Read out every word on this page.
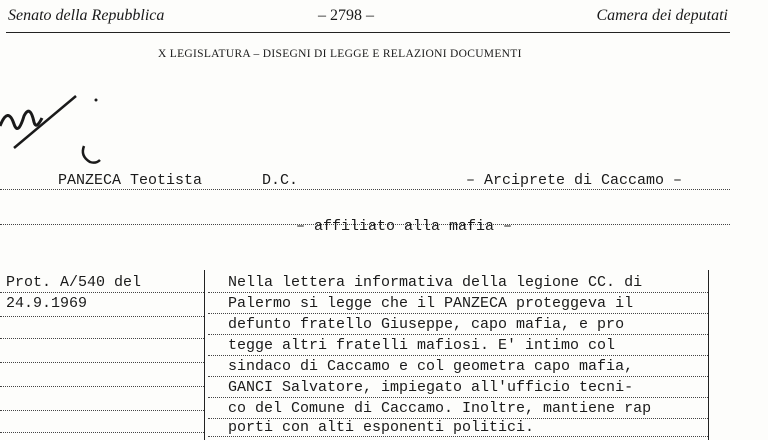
Senato della Repubblica	– 2798 –	Camera dei deputati
X LEGISLATURA – DISEGNI DI LEGGE E RELAZIONI DOCUMENTI
PANZECA Teotista	D.C.	– Arciprete di Caccamo –
– affiliato alla mafia –
Prot. A/540 del
24.9.1969
Nella lettera informativa della legione CC. di
Palermo si legge che il PANZECA proteggeva il
defunto fratello Giuseppe, capo mafia, e pro
tegge altri fratelli mafiosi. E' intimo col
sindaco di Caccamo e col geometra capo mafia,
GANCI Salvatore, impiegato all'ufficio tecni-
co del Comune di Caccamo. Inoltre, mantiene rap
porti con alti esponenti politici.
